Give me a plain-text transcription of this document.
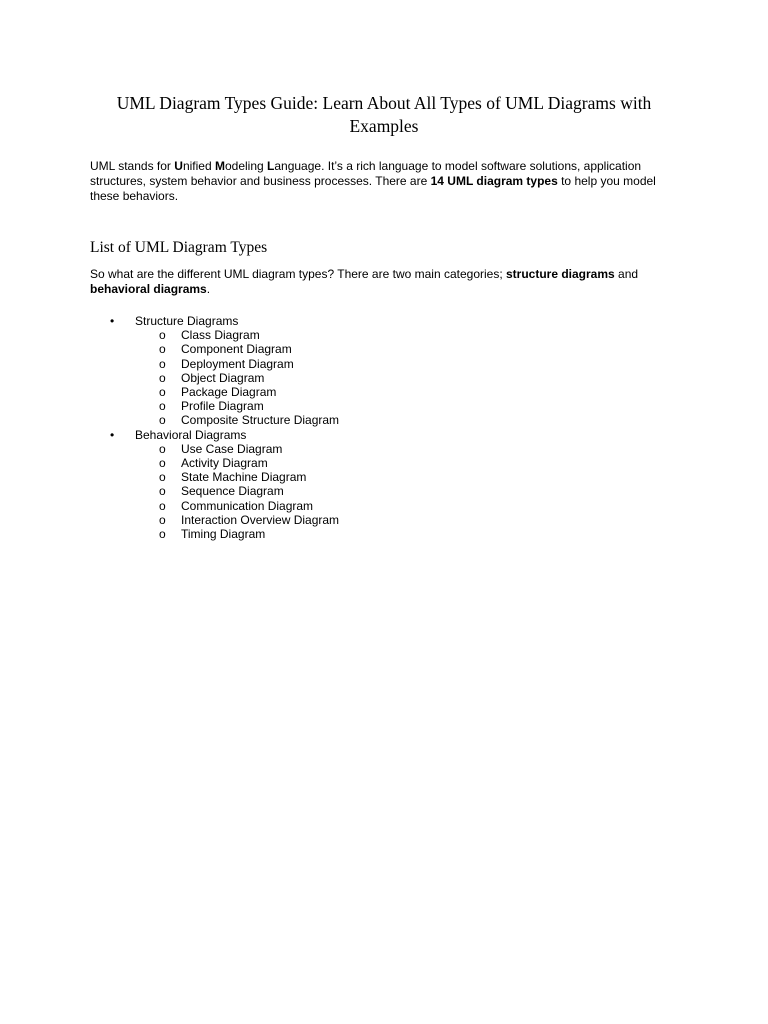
UML Diagram Types Guide: Learn About All Types of UML Diagrams with Examples

UML stands for Unified Modeling Language. It’s a rich language to model software solutions, application structures, system behavior and business processes. There are 14 UML diagram types to help you model these behaviors.

List of UML Diagram Types

So what are the different UML diagram types? There are two main categories; structure diagrams and behavioral diagrams.

• Structure Diagrams
o Class Diagram
o Component Diagram
o Deployment Diagram
o Object Diagram
o Package Diagram
o Profile Diagram
o Composite Structure Diagram
• Behavioral Diagrams
o Use Case Diagram
o Activity Diagram
o State Machine Diagram
o Sequence Diagram
o Communication Diagram
o Interaction Overview Diagram
o Timing Diagram
